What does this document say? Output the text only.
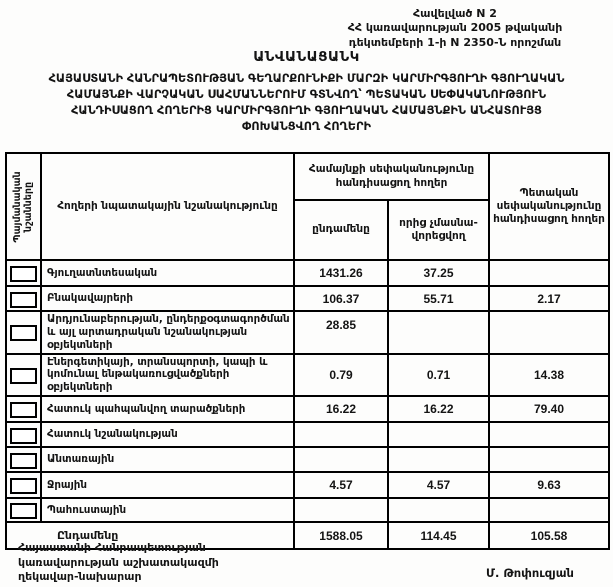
Հավելված N 2
ՀՀ կառավարության 2005 թվականի
դեկտեմբերի 1-ի N 2350-Ն որոշման
ԱՆՎԱՆԱՑԱՆԿ
ՀԱՅԱՍՏԱՆԻ ՀԱՆՐԱՊԵՏՈՒԹՅԱՆ ԳԵՂԱՐՔՈՒՆԻՔԻ ՄԱՐԶԻ ԿԱՐՄԻՐԳՅՈՒՂԻ ԳՅՈՒՂԱԿԱՆ
ՀԱՄԱՅՆՔԻ ՎԱՐՉԱԿԱՆ ՍԱՀՄԱՆՆԵՐՈՒՄ ԳՏՆՎՈՂ՝ ՊԵՏԱԿԱՆ ՍԵՓԱԿԱՆՈՒԹՅՈՒՆ
ՀԱՆԴԻՍԱՑՈՂ ՀՈՂԵՐԻՑ ԿԱՐՄԻՐԳՅՈՒՂԻ ԳՅՈՒՂԱԿԱՆ ՀԱՄԱՅՆՔԻՆ ԱՆՀԱՏՈՒՅՑ
ՓՈԽԱՆՑՎՈՂ ՀՈՂԵՐԻ
Պայմանական նշանները	Հողերի նպատակային նշանակությունը	Համայնքի սեփականությունը հանդիսացող հողեր		Պետական սեփականությունը հանդիսացող հողեր
		ընդամենը	որից չմասնա-վորեցվող	
	Գյուղատնտեսական	1431.26	37.25	
	Բնակավայրերի	106.37	55.71	2.17
	Արդյունաբերության, ընդերքօգտագործման և այլ արտադրական նշանակության օբյեկտների	28.85		
	Էներգետիկայի, տրանսպորտի, կապի և կոմունալ ենթակառուցվածքների օբյեկտների	0.79	0.71	14.38
	Հատուկ պահպանվող տարածքների	16.22	16.22	79.40
	Հատուկ նշանակության			
	Անտառային			
	Ջրային	4.57	4.57	9.63
	Պահուստային			
Ընդամենը		1588.05	114.45	105.58
Հայաստանի Հանրապետության
կառավարության աշխատակազմի
ղեկավար-նախարար	Մ. Թոփուզյան
